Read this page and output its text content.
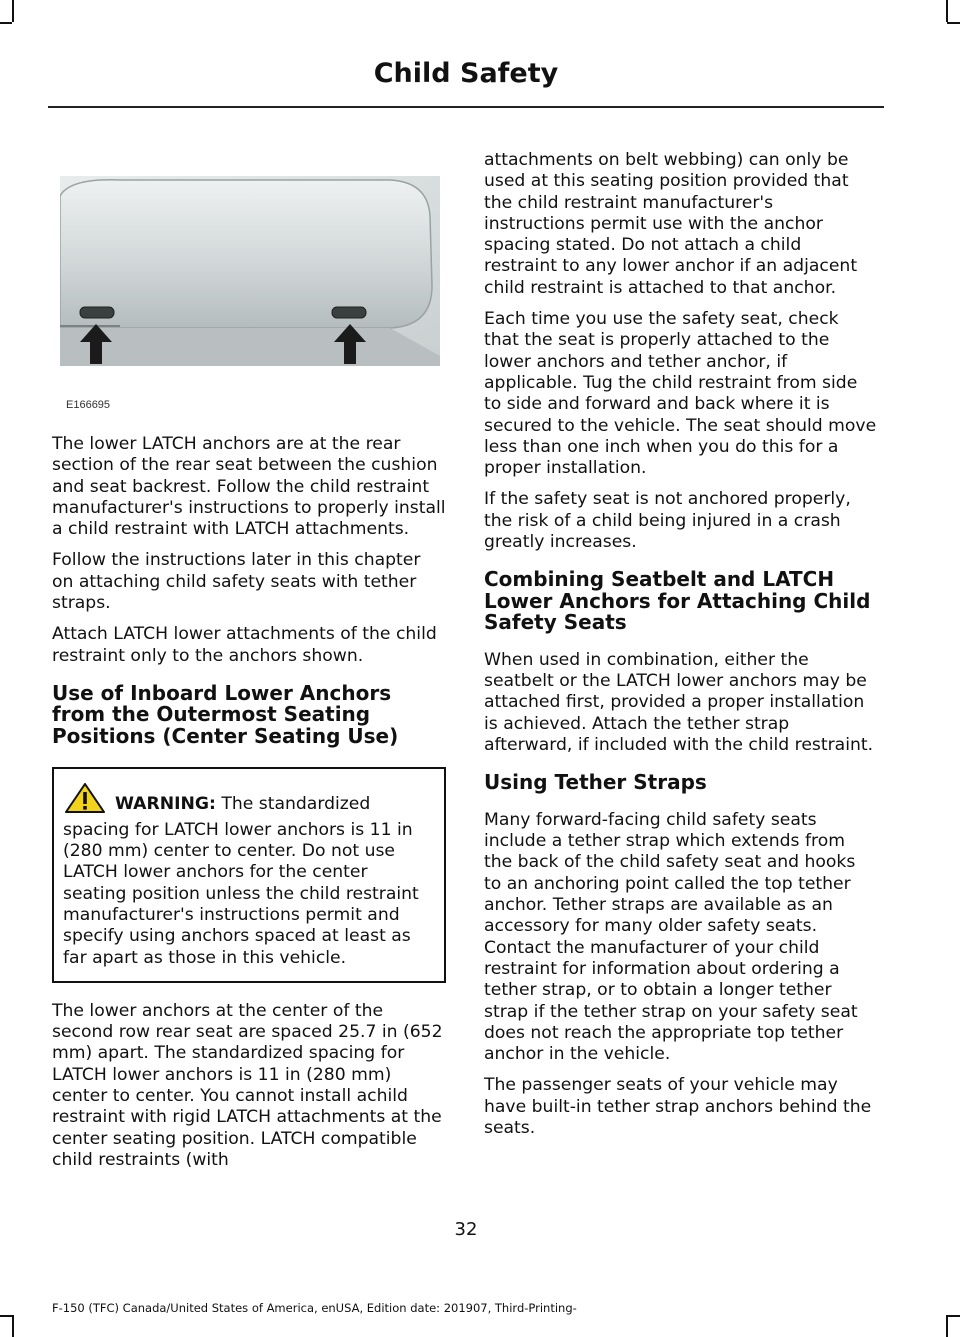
Child Safety
E166695

The lower LATCH anchors are at the rear section of the rear seat between the cushion and seat backrest. Follow the child restraint manufacturer's instructions to properly install a child restraint with LATCH attachments.

Follow the instructions later in this chapter on attaching child safety seats with tether straps.

Attach LATCH lower attachments of the child restraint only to the anchors shown.

Use of Inboard Lower Anchors from the Outermost Seating Positions (Center Seating Use)

WARNING: The standardized spacing for LATCH lower anchors is 11 in (280 mm) center to center. Do not use LATCH lower anchors for the center seating position unless the child restraint manufacturer's instructions permit and specify using anchors spaced at least as far apart as those in this vehicle.

The lower anchors at the center of the second row rear seat are spaced 25.7 in (652 mm) apart. The standardized spacing for LATCH lower anchors is 11 in (280 mm) center to center. You cannot install achild restraint with rigid LATCH attachments at the center seating position. LATCH compatible child restraints (with

attachments on belt webbing) can only be used at this seating position provided that the child restraint manufacturer's instructions permit use with the anchor spacing stated. Do not attach a child restraint to any lower anchor if an adjacent child restraint is attached to that anchor.

Each time you use the safety seat, check that the seat is properly attached to the lower anchors and tether anchor, if applicable. Tug the child restraint from side to side and forward and back where it is secured to the vehicle. The seat should move less than one inch when you do this for a proper installation.

If the safety seat is not anchored properly, the risk of a child being injured in a crash greatly increases.

Combining Seatbelt and LATCH Lower Anchors for Attaching Child Safety Seats

When used in combination, either the seatbelt or the LATCH lower anchors may be attached first, provided a proper installation is achieved. Attach the tether strap afterward, if included with the child restraint.

Using Tether Straps

Many forward-facing child safety seats include a tether strap which extends from the back of the child safety seat and hooks to an anchoring point called the top tether anchor. Tether straps are available as an accessory for many older safety seats. Contact the manufacturer of your child restraint for information about ordering a tether strap, or to obtain a longer tether strap if the tether strap on your safety seat does not reach the appropriate top tether anchor in the vehicle.

The passenger seats of your vehicle may have built-in tether strap anchors behind the seats.

32
F-150 (TFC) Canada/United States of America, enUSA, Edition date: 201907, Third-Printing-
